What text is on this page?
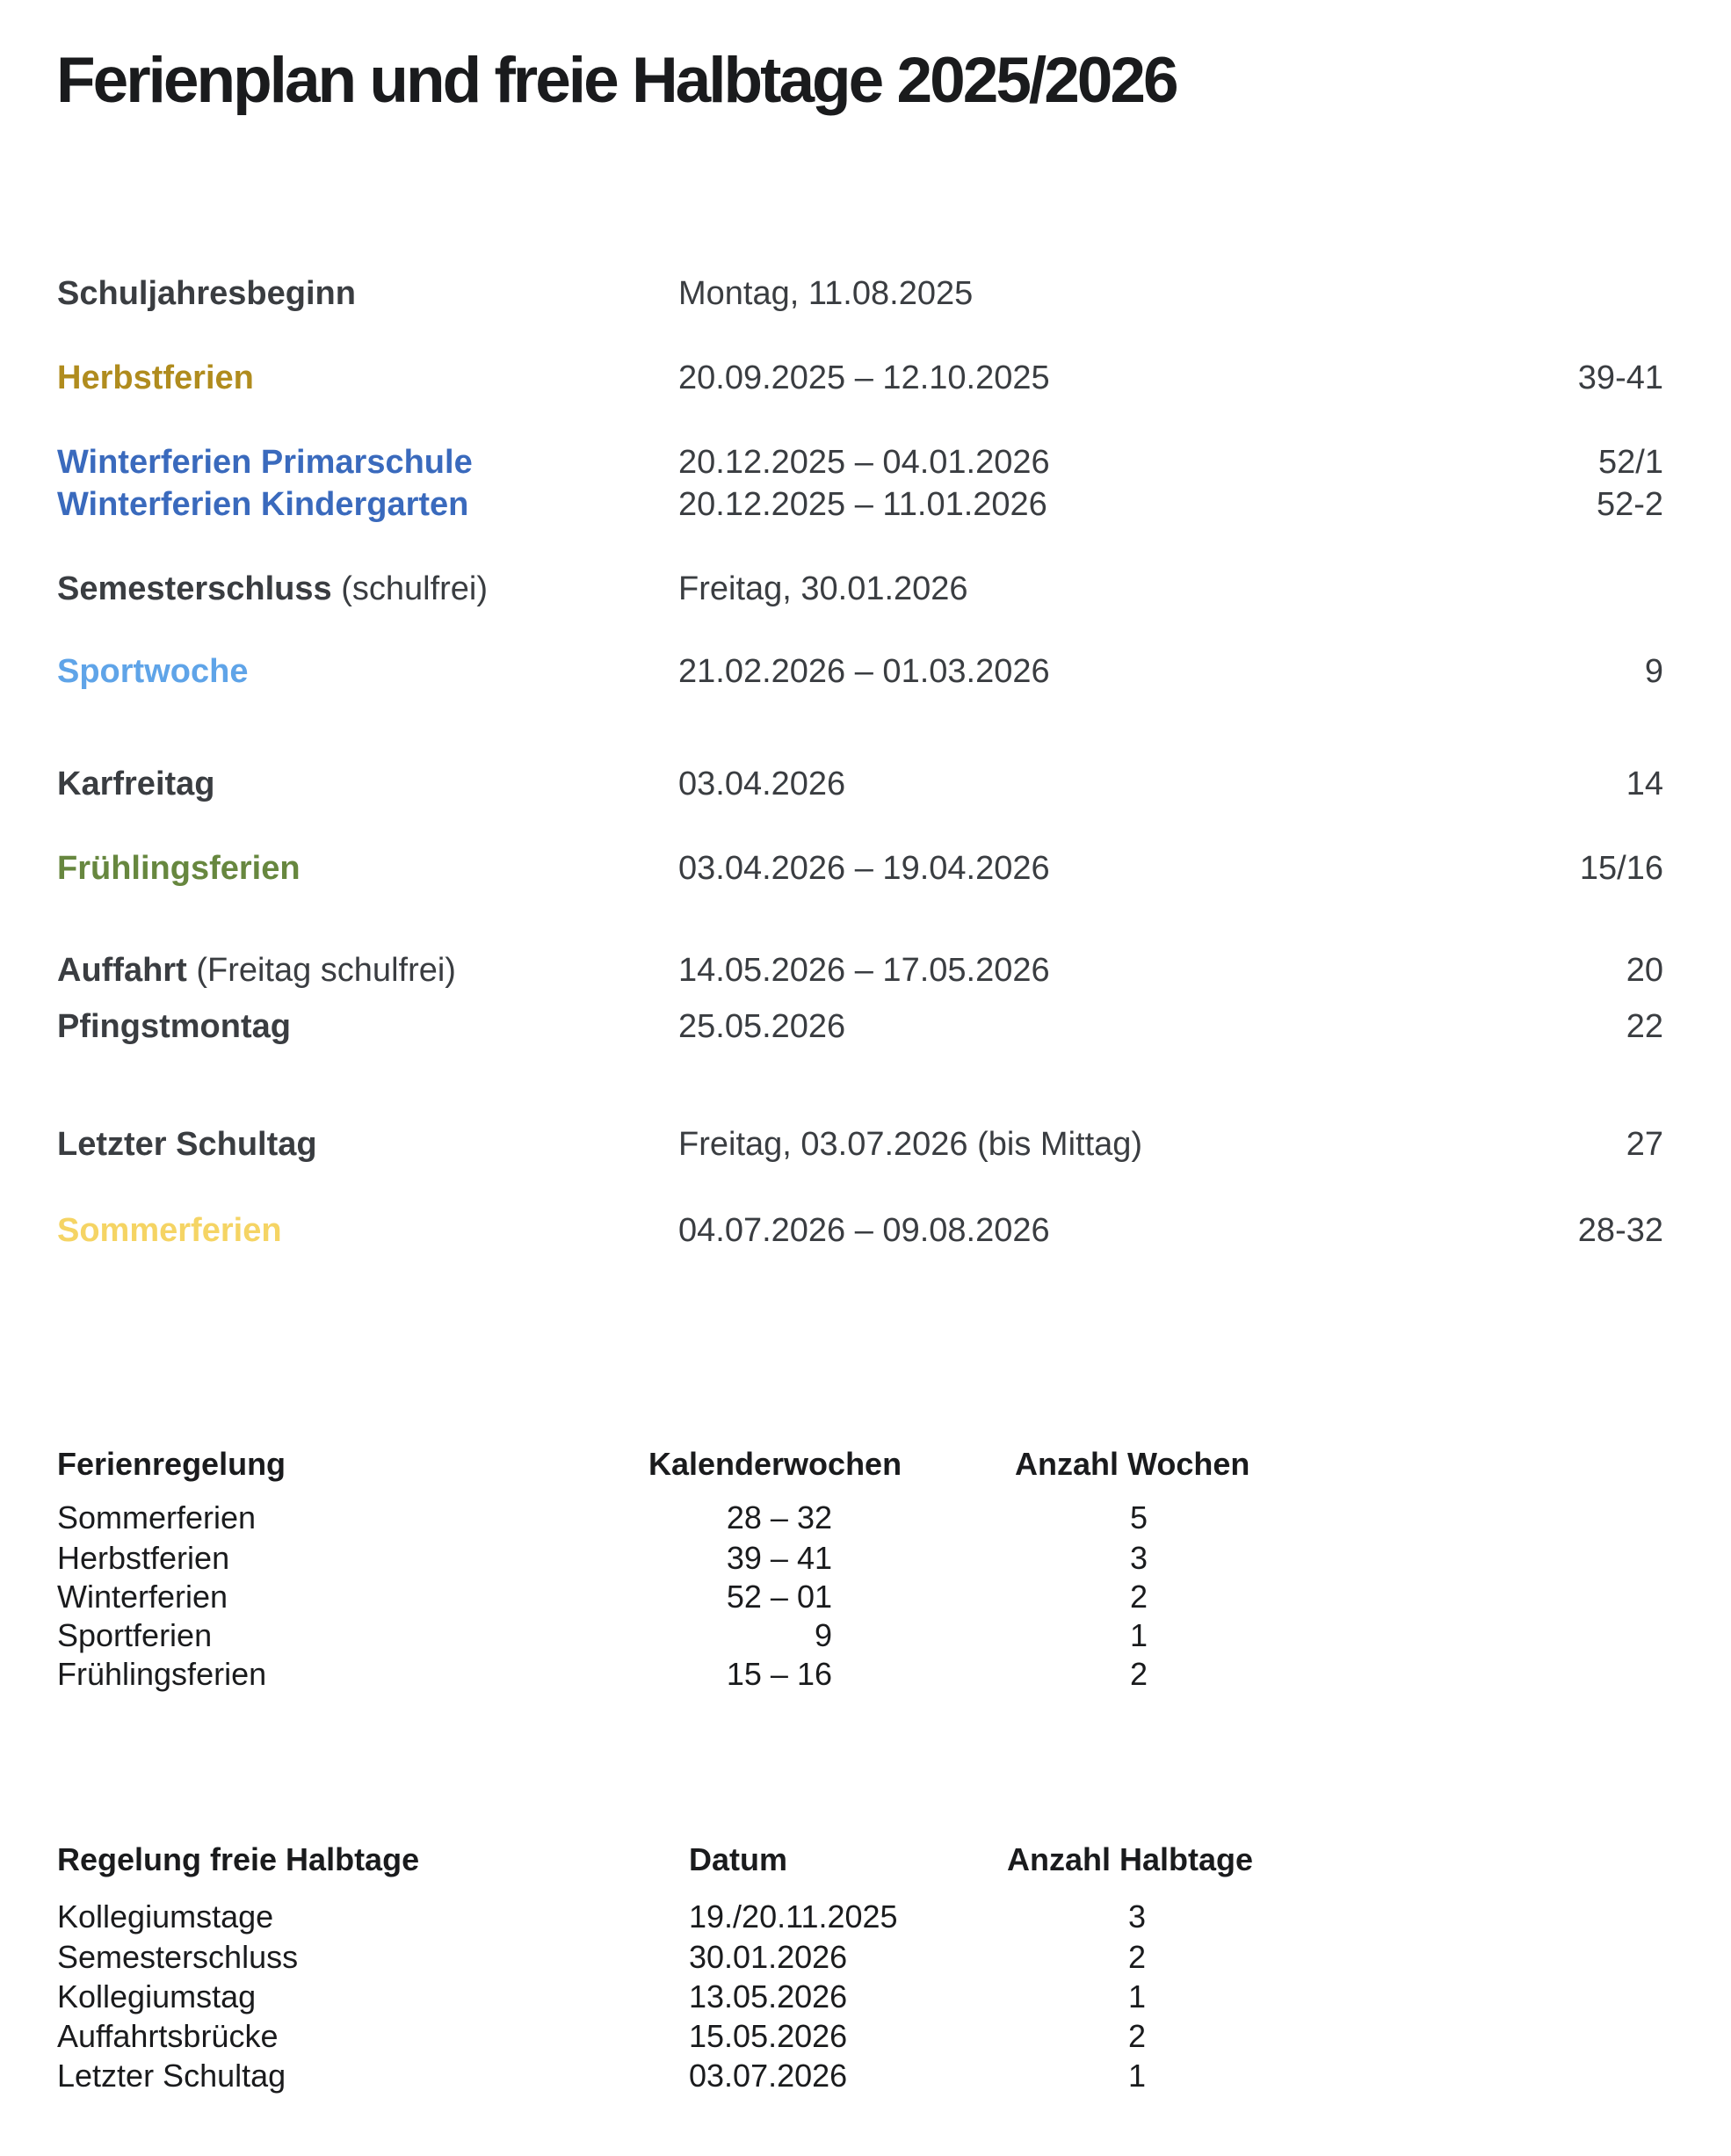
Ferienplan und freie Halbtage 2025/2026
Schuljahresbeginn	Montag, 11.08.2025
Herbstferien	20.09.2025 – 12.10.2025	39-41
Winterferien Primarschule	20.12.2025 – 04.01.2026	52/1
Winterferien Kindergarten	20.12.2025 – 11.01.2026	52-2
Semesterschluss (schulfrei)	Freitag, 30.01.2026
Sportwoche	21.02.2026 – 01.03.2026	9
Karfreitag	03.04.2026	14
Frühlingsferien	03.04.2026 – 19.04.2026	15/16
Auffahrt (Freitag schulfrei)	14.05.2026 – 17.05.2026	20
Pfingstmontag	25.05.2026	22
Letzter Schultag	Freitag, 03.07.2026 (bis Mittag)	27
Sommerferien	04.07.2026 – 09.08.2026	28-32
Ferienregelung	Kalenderwochen	Anzahl Wochen
Sommerferien	28 – 32	5
Herbstferien	39 – 41	3
Winterferien	52 – 01	2
Sportferien	9	1
Frühlingsferien	15 – 16	2
Regelung freie Halbtage	Datum	Anzahl Halbtage
Kollegiumstage	19./20.11.2025	3
Semesterschluss	30.01.2026	2
Kollegiumstag	13.05.2026	1
Auffahrtsbrücke	15.05.2026	2
Letzter Schultag	03.07.2026	1
